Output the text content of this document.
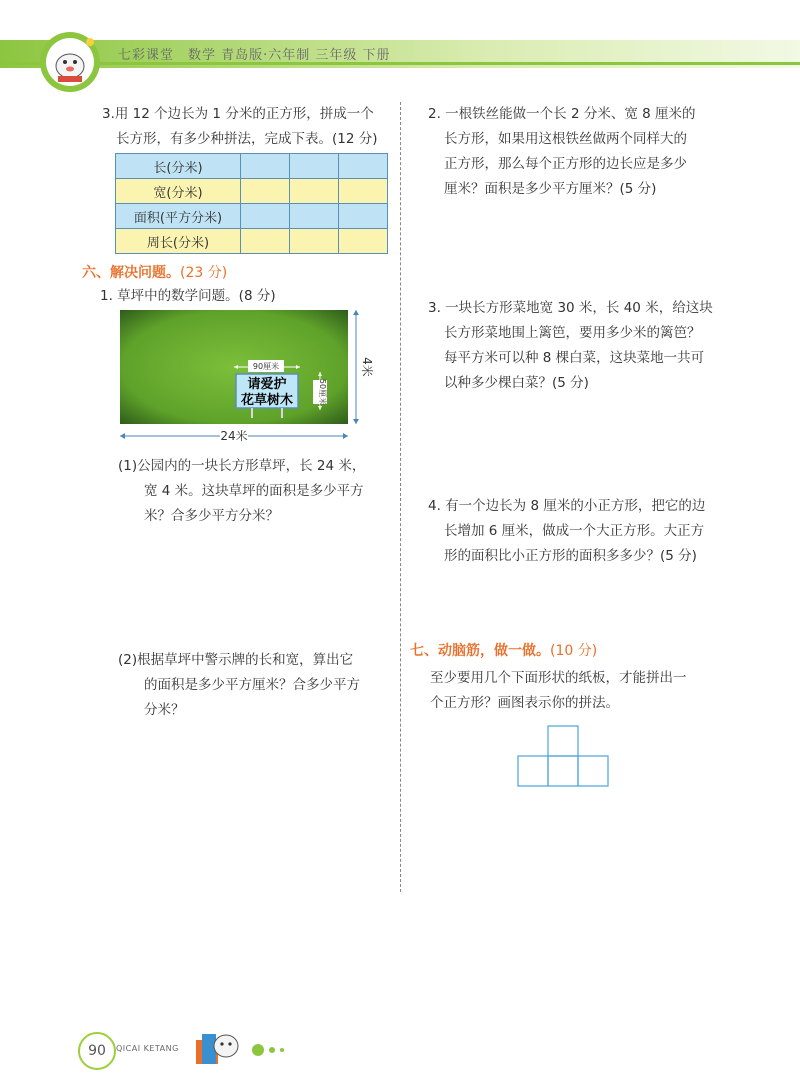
七彩课堂　数学 青岛版·六年制 三年级 下册
3.用 12 个边长为 1 分米的正方形，拼成一个
长方形，有多少种拼法，完成下表。(12 分)
长(分米)			
宽(分米)			
面积(平方分米)			
周长(分米)			
六、解决问题。(23 分)
1. 草坪中的数学问题。(8 分)
90厘米
50厘米
请爱护
花草树木
4米
24米
(1)公园内的一块长方形草坪，长 24 米，
宽 4 米。这块草坪的面积是多少平方
米？合多少平方分米？
(2)根据草坪中警示牌的长和宽，算出它
的面积是多少平方厘米？合多少平方
分米？
2. 一根铁丝能做一个长 2 分米、宽 8 厘米的
长方形，如果用这根铁丝做两个同样大的
正方形，那么每个正方形的边长应是多少
厘米？面积是多少平方厘米？(5 分)
3. 一块长方形菜地宽 30 米，长 40 米，给这块
长方形菜地围上篱笆，要用多少米的篱笆？
每平方米可以种 8 棵白菜，这块菜地一共可
以种多少棵白菜？(5 分)
4. 有一个边长为 8 厘米的小正方形，把它的边
长增加 6 厘米，做成一个大正方形。大正方
形的面积比小正方形的面积多多少？(5 分)
七、动脑筋，做一做。(10 分)
至少要用几个下面形状的纸板，才能拼出一
个正方形？画图表示你的拼法。
90	QICAI KETANG
